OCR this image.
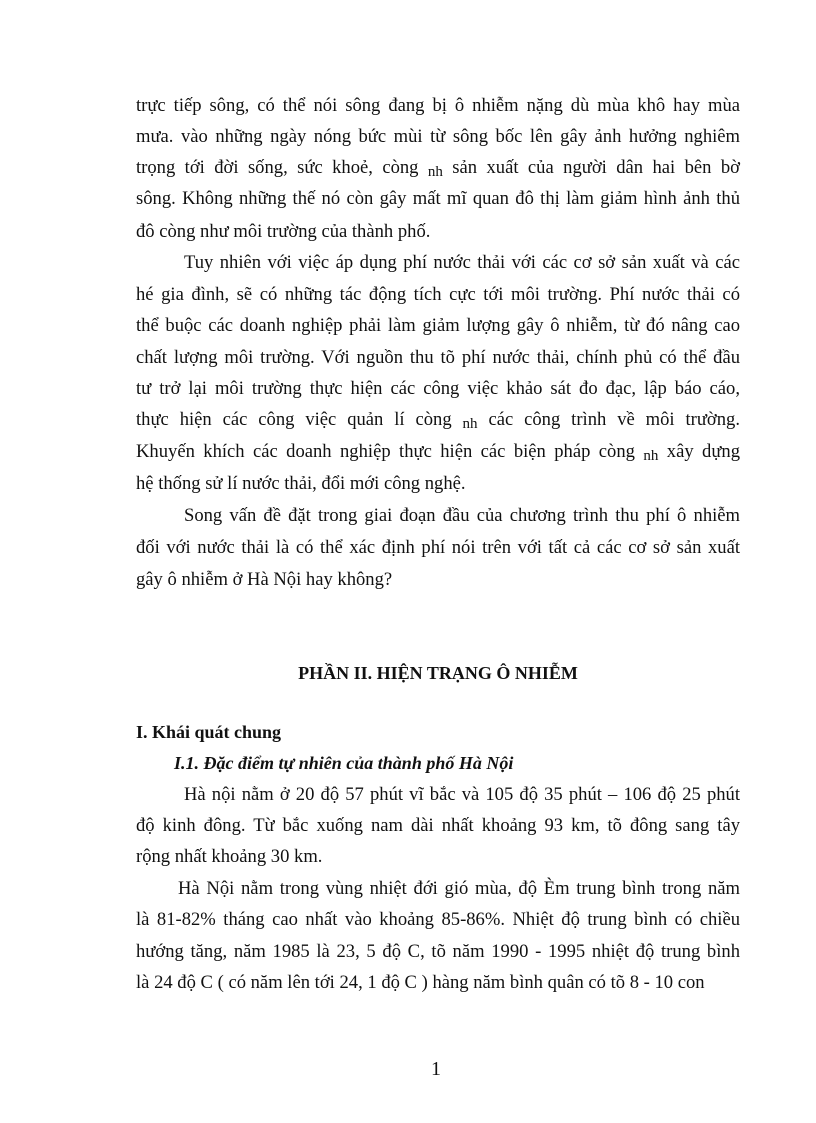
trực tiếp sông, có thể nói sông đang bị ô nhiễm nặng dù mùa khô hay mùa
mưa. vào những ngày nóng bức mùi từ sông bốc lên gây ảnh hưởng nghiêm
trọng tới đời sống, sức khoẻ, còng nh sản xuất của người dân hai bên bờ
sông. Không những thế nó còn gây mất mĩ quan đô thị làm giảm hình ảnh thủ
đô còng như môi trường của thành phố.
Tuy nhiên với việc áp dụng phí nước thải với các cơ sở sản xuất và các
hé gia đình, sẽ có những tác động tích cực tới môi trường. Phí nước thải có
thể buộc các doanh nghiệp phải làm giảm lượng gây ô nhiễm, từ đó nâng cao
chất lượng môi trường. Với nguồn thu tõ phí nước thải, chính phủ có thể đầu
tư trở lại môi trường thực hiện các công việc khảo sát đo đạc, lập báo cáo,
thực hiện các công việc quản lí còng nh các công trình về môi trường.
Khuyến khích các doanh nghiệp thực hiện các biện pháp còng nh xây dựng
hệ thống sử lí nước thải, đổi mới công nghệ.
Song vấn đề đặt trong giai đoạn đầu của chương trình thu phí ô nhiễm
đối với nước thải là có thể xác định phí nói trên với tất cả các cơ sở sản xuất
gây ô nhiễm ở Hà Nội hay không?
Hà nội nằm ở 20 độ 57 phút vĩ bắc và 105 độ 35 phút – 106 độ 25 phút
độ kinh đông. Từ bắc xuống nam dài nhất khoảng 93 km, tõ đông sang tây
rộng nhất khoảng 30 km.
Hà Nội nằm trong vùng nhiệt đới gió mùa, độ Èm trung bình trong năm
là 81-82% tháng cao nhất vào khoảng 85-86%. Nhiệt độ trung bình có chiều
hướng tăng, năm 1985 là 23, 5 độ C, tõ năm 1990 - 1995 nhiệt độ trung bình
là 24 độ C ( có năm lên tới 24, 1 độ C ) hàng năm bình quân có tõ 8 - 10 con
PHẦN II. HIỆN TRẠNG Ô NHIỄM
I. Khái quát chung
I.1. Đặc điểm tự nhiên của thành phố Hà Nội
1
